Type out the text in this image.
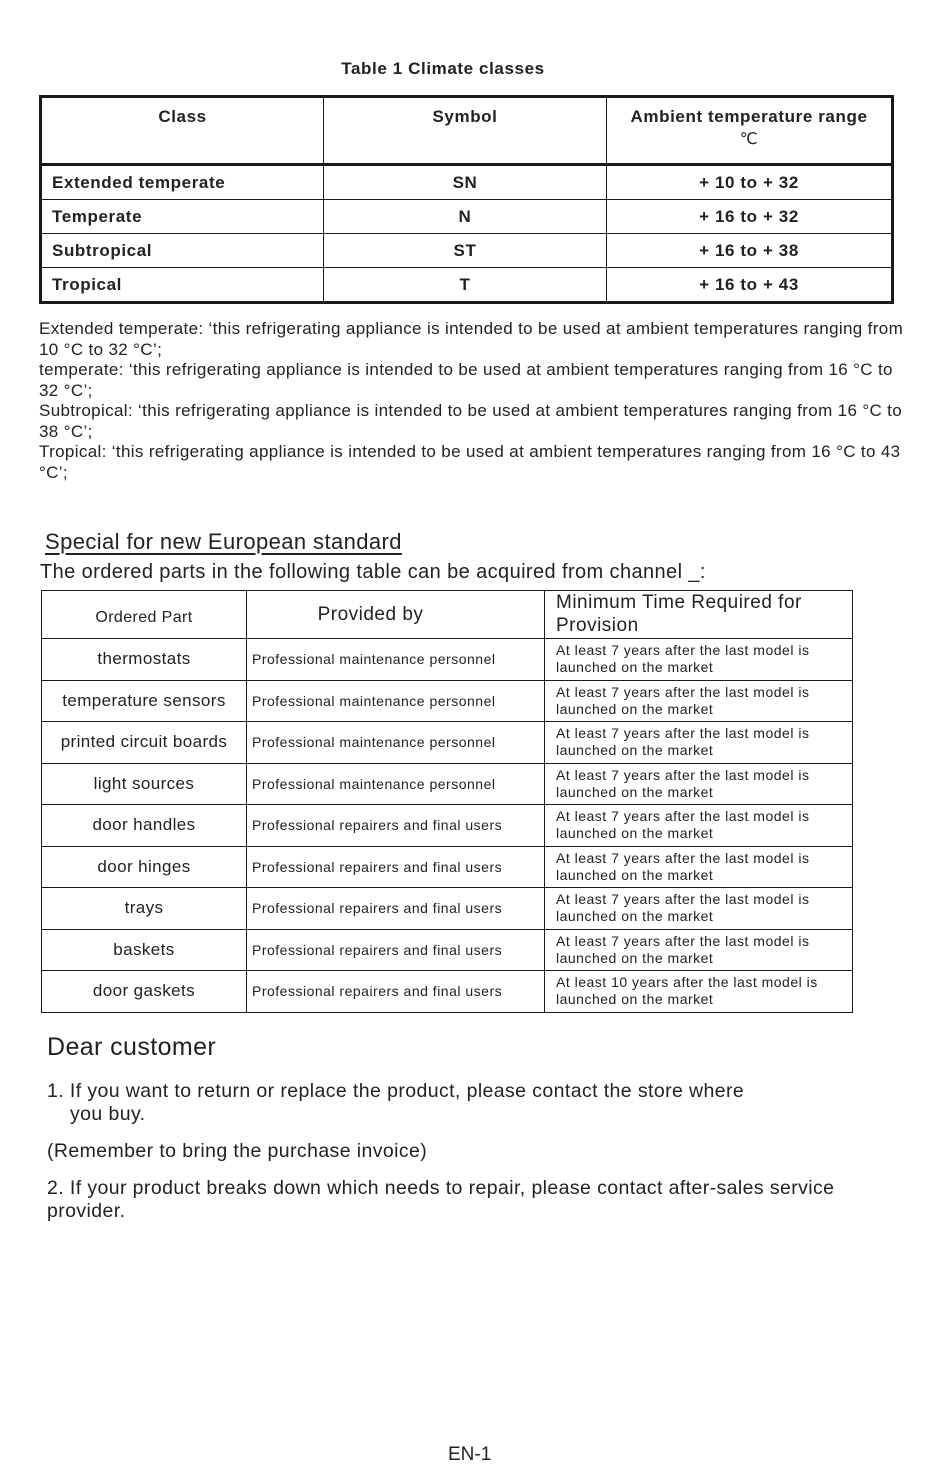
Table 1 Climate classes
Class	Symbol	Ambient temperature range
℃

Extended temperate	SN	+ 10 to + 32
Temperate	N	+ 16 to + 32
Subtropical	ST	+ 16 to + 38
Tropical	T	+ 16 to + 43

Extended temperate: ‘this refrigerating appliance is intended to be used at ambient temperatures ranging from 10 °C to 32 °C’;

temperate: ‘this refrigerating appliance is intended to be used at ambient temperatures ranging from 16 °C to 32 °C’;

Subtropical: ‘this refrigerating appliance is intended to be used at ambient temperatures ranging from 16 °C to 38 °C’;

Tropical: ‘this refrigerating appliance is intended to be used at ambient temperatures ranging from 16 °C to 43 °C’;

Special for new European standard
The ordered parts in the following table can be acquired from channel _:
Ordered Part	Provided by	Minimum Time Required for Provision
thermostats	Professional maintenance personnel	At least 7 years after the last model is launched on the market
temperature sensors	Professional maintenance personnel	At least 7 years after the last model is launched on the market
printed circuit boards	Professional maintenance personnel	At least 7 years after the last model is launched on the market
light sources	Professional maintenance personnel	At least 7 years after the last model is launched on the market
door handles	Professional repairers and final users	At least 7 years after the last model is launched on the market
door hinges	Professional repairers and final users	At least 7 years after the last model is launched on the market
trays	Professional repairers and final users	At least 7 years after the last model is launched on the market
baskets	Professional repairers and final users	At least 7 years after the last model is launched on the market
door gaskets	Professional repairers and final users	At least 10 years after the last model is launched on the market
Dear customer
1. If you want to return or replace the product, please contact the store where
you buy.
(Remember to bring the purchase invoice)
2. If your product breaks down which needs to repair, please contact after-sales service provider.
EN-1
